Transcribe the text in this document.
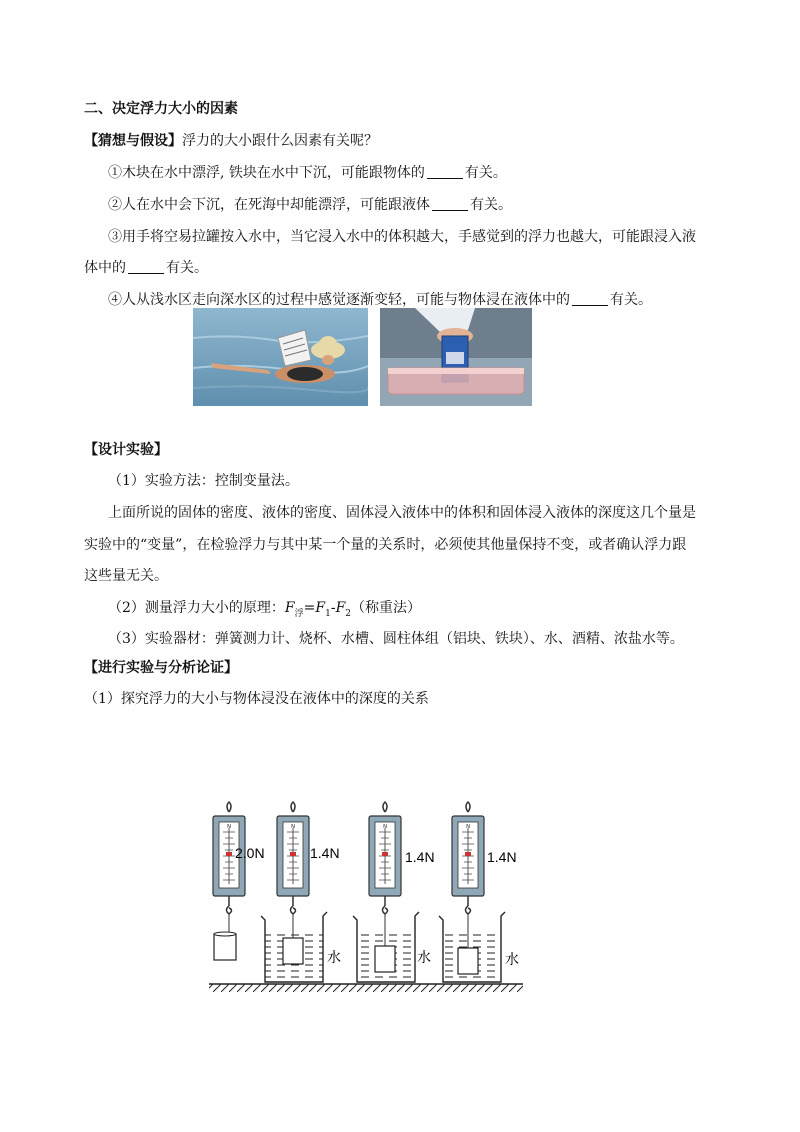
二、决定浮力大小的因素
【猜想与假设】浮力的大小跟什么因素有关呢？
①木块在水中漂浮, 铁块在水中下沉，可能跟物体的	有关。
②人在水中会下沉，在死海中却能漂浮，可能跟液体	有关。
③用手将空易拉罐按入水中，当它浸入水中的体积越大，手感觉到的浮力也越大，可能跟浸入液
体中的	有关。
④人从浅水区走向深水区的过程中感觉逐渐变轻，可能与物体浸在液体中的	有关。
【设计实验】
（1）实验方法：控制变量法。
上面所说的固体的密度、液体的密度、固体浸入液体中的体积和固体浸入液体的深度这几个量是
实验中的“变量”，在检验浮力与其中某一个量的关系时，必须使其他量保持不变，或者确认浮力跟
这些量无关。
（2）测量浮力大小的原理：$F_浮=F_1-F_2$（称重法）
（3）实验器材：弹簧测力计、烧杯、水槽、圆柱体组（铝块、铁块）、水、酒精、浓盐水等。
【进行实验与分析论证】
（1）探究浮力的大小与物体浸没在液体中的深度的关系
N
2.0N
N
1.4N
N
1.4N
N
1.4N
水	水	水
